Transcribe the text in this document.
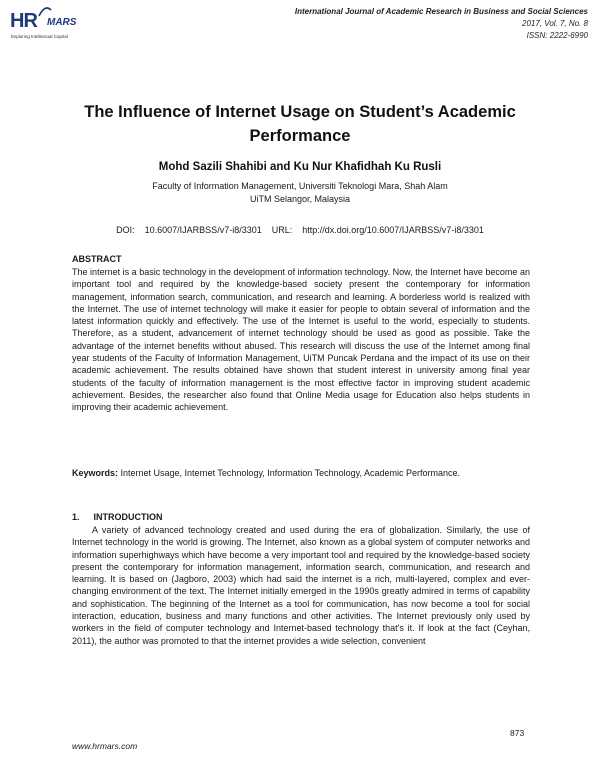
HR MARS
Exploring Intellectual Capital
International Journal of Academic Research in Business and Social Sciences
2017, Vol. 7, No. 8
ISSN: 2222-6990
The Influence of Internet Usage on Student’s Academic Performance
Mohd Sazili Shahibi and Ku Nur Khafidhah Ku Rusli
Faculty of Information Management, Universiti Teknologi Mara, Shah Alam
UiTM Selangor, Malaysia
DOI:    10.6007/IJARBSS/v7-i8/3301    URL:    http://dx.doi.org/10.6007/IJARBSS/v7-i8/3301
ABSTRACT
The internet is a basic technology in the development of information technology. Now, the Internet have become an important tool and required by the knowledge-based society present the contemporary for information management, information search, communication, and research and learning. A borderless world is realized with the Internet. The use of internet technology will make it easier for people to obtain several of information and the latest information quickly and effectively. The use of the Internet is useful to the world, especially to students. Therefore, as a student, advancement of internet technology should be used as good as possible. Take the advantage of the internet benefits without abused. This research will discuss the use of the Internet among final year students of the Faculty of Information Management, UiTM Puncak Perdana and the impact of its use on their academic achievement. The results obtained have shown that student interest in university among final year students of the faculty of information management is the most effective factor in improving student academic achievement. Besides, the researcher also found that Online Media usage for Education also helps students in improving their academic achievement.
Keywords: Internet Usage, Internet Technology, Information Technology, Academic Performance.
1. INTRODUCTION
A variety of advanced technology created and used during the era of globalization. Similarly, the use of Internet technology in the world is growing. The Internet, also known as a global system of computer networks and information superhighways which have become a very important tool and required by the knowledge-based society present the contemporary for information management, information search, communication, and research and learning. It is based on (Jagboro, 2003) which had said the internet is a rich, multi-layered, complex and ever-changing environment of the text. The Internet initially emerged in the 1990s greatly admired in terms of capability and sophistication. The beginning of the Internet as a tool for communication, has now become a tool for social interaction, education, business and many functions and other activities. The Internet previously only used by workers in the field of computer technology and Internet-based technology that's it. If look at the fact (Ceyhan, 2011), the author was promoted to that the internet provides a wide selection, convenient
873
www.hrmars.com
